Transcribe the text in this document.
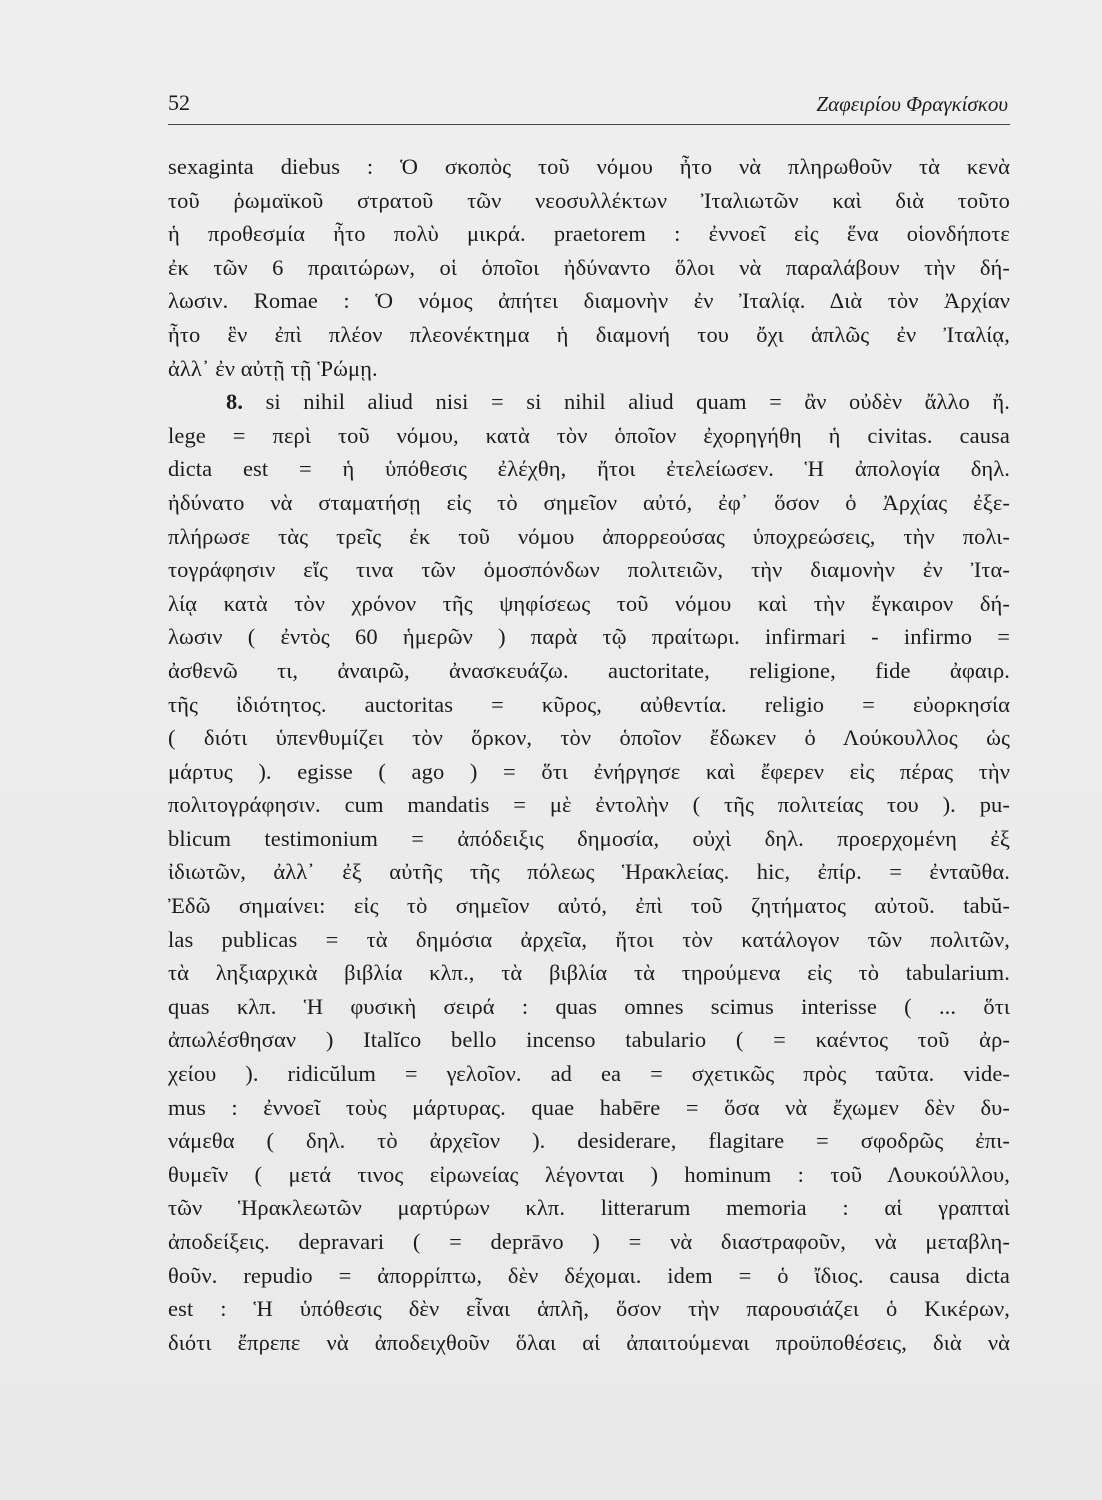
52	Ζαφειρίου Φραγκίσκου
sexaginta diebus : Ὁ σκοπὸς τοῦ νόμου ἦτο νὰ πληρωθοῦν τὰ κενὰ
τοῦ ῥωμαϊκοῦ στρατοῦ τῶν νεοσυλλέκτων Ἰταλιωτῶν καὶ διὰ τοῦτο
ἡ προθεσμία ἦτο πολὺ μικρά. praetorem : ἐννοεῖ εἰς ἕνα οἱονδήποτε
ἐκ τῶν 6 πραιτώρων, οἱ ὁποῖοι ἠδύναντο ὅλοι νὰ παραλάβουν τὴν δή-
λωσιν. Romae : Ὁ νόμος ἀπήτει διαμονὴν ἐν Ἰταλίᾳ. Διὰ τὸν Ἀρχίαν
ἦτο ἓν ἐπὶ πλέον πλεονέκτημα ἡ διαμονή του ὄχι ἁπλῶς ἐν Ἰταλίᾳ,
ἀλλ᾽ ἐν αὐτῇ τῇ Ῥώμῃ.
8. si nihil aliud nisi = si nihil aliud quam = ἂν οὐδὲν ἄλλο ἤ.
lege = περὶ τοῦ νόμου, κατὰ τὸν ὁποῖον ἐχορηγήθη ἡ civitas. causa
dicta est = ἡ ὑπόθεσις ἐλέχθη, ἤτοι ἐτελείωσεν. Ἡ ἀπολογία δηλ.
ἠδύνατο νὰ σταματήσῃ εἰς τὸ σημεῖον αὐτό, ἐφ᾽ ὅσον ὁ Ἀρχίας ἐξε-
πλήρωσε τὰς τρεῖς ἐκ τοῦ νόμου ἀπορρεούσας ὑποχρεώσεις, τὴν πολι-
τογράφησιν εἴς τινα τῶν ὁμοσπόνδων πολιτειῶν, τὴν διαμονὴν ἐν Ἰτα-
λίᾳ κατὰ τὸν χρόνον τῆς ψηφίσεως τοῦ νόμου καὶ τὴν ἔγκαιρον δή-
λωσιν ( ἐντὸς 60 ἡμερῶν ) παρὰ τῷ πραίτωρι. infirmari - infirmo =
ἀσθενῶ τι, ἀναιρῶ, ἀνασκευάζω. auctoritate, religione, fide ἀφαιρ.
τῆς ἰδιότητος. auctoritas = κῦρος, αὐθεντία. religio = εὐορκησία
( διότι ὑπενθυμίζει τὸν ὅρκον, τὸν ὁποῖον ἔδωκεν ὁ Λούκουλλος ὡς
μάρτυς ). egisse ( ago ) = ὅτι ἐνήργησε καὶ ἔφερεν εἰς πέρας τὴν
πολιτογράφησιν. cum mandatis = μὲ ἐντολὴν ( τῆς πολιτείας του ). pu-
blicum testimonium = ἀπόδειξις δημοσία, οὐχὶ δηλ. προερχομένη ἐξ
ἰδιωτῶν, ἀλλ᾽ ἐξ αὐτῆς τῆς πόλεως Ἡρακλείας. hic, ἐπίρ. = ἐνταῦθα.
Ἐδῶ σημαίνει: εἰς τὸ σημεῖον αὐτό, ἐπὶ τοῦ ζητήματος αὐτοῦ. tabŭ-
las publicas = τὰ δημόσια ἀρχεῖα, ἤτοι τὸν κατάλογον τῶν πολιτῶν,
τὰ ληξιαρχικὰ βιβλία κλπ., τὰ βιβλία τὰ τηρούμενα εἰς τὸ tabularium.
quas κλπ. Ἡ φυσικὴ σειρά : quas omnes scimus interisse ( ... ὅτι
ἀπωλέσθησαν ) Italĭco bello incenso tabulario ( = καέντος τοῦ ἀρ-
χείου ). ridicŭlum = γελοῖον. ad ea = σχετικῶς πρὸς ταῦτα. vide-
mus : ἐννοεῖ τοὺς μάρτυρας. quae habēre = ὅσα νὰ ἔχωμεν δὲν δυ-
νάμεθα ( δηλ. τὸ ἀρχεῖον ). desiderare, flagitare = σφοδρῶς ἐπι-
θυμεῖν ( μετά τινος εἰρωνείας λέγονται ) hominum : τοῦ Λουκούλλου,
τῶν Ἡρακλεωτῶν μαρτύρων κλπ. litterarum memoria : αἱ γραπταὶ
ἀποδείξεις. depravari ( = deprāvo ) = νὰ διαστραφοῦν, νὰ μεταβλη-
θοῦν. repudio = ἀπορρίπτω, δὲν δέχομαι. idem = ὁ ἴδιος. causa dicta
est : Ἡ ὑπόθεσις δὲν εἶναι ἁπλῆ, ὅσον τὴν παρουσιάζει ὁ Κικέρων,
διότι ἔπρεπε νὰ ἀποδειχθοῦν ὅλαι αἱ ἀπαιτούμεναι προϋποθέσεις, διὰ νὰ
